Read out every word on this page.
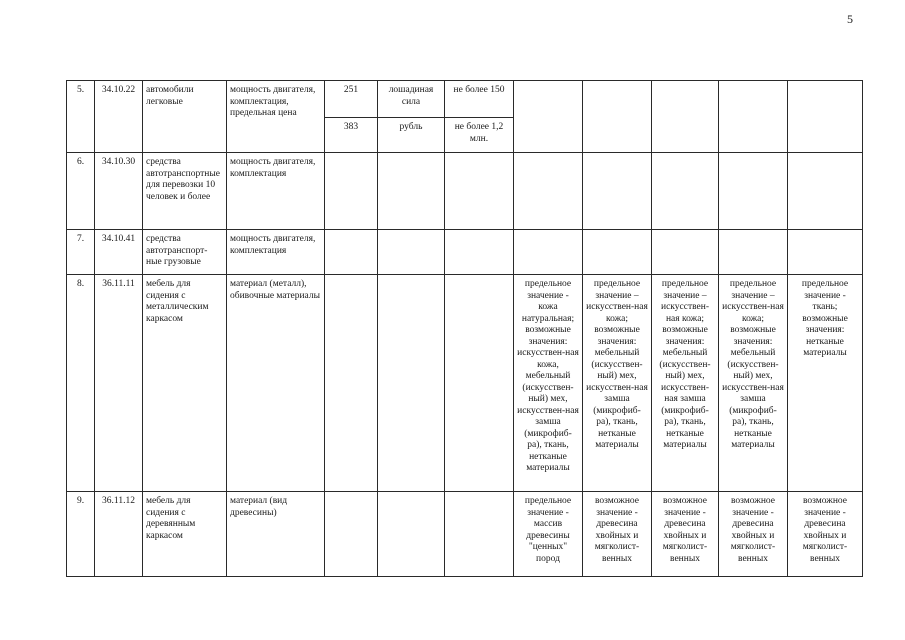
5
5.	34.10.22	автомобили легковые	мощность двигателя, комплектация, предельная цена	251	лошадиная сила	не более 150					
				383	рубль	не более 1,2 млн.					
6.	34.10.30	средства автотранспортные для перевозки 10 человек и более	мощность двигателя, комплектация								
7.	34.10.41	средства автотранспорт-ные грузовые	мощность двигателя, комплектация								
8.	36.11.11	мебель для сидения с металлическим каркасом	материал (металл), обивочные материалы				предельное значение - кожа натуральная; возможные значения: искусствен-ная кожа, мебельный (искусствен-ный) мех, искусствен-ная замша (микрофиб-ра), ткань, нетканые материалы	предельное значение – искусствен-ная кожа; возможные значения: мебельный (искусствен-ный) мех, искусствен-ная замша (микрофиб-ра), ткань, нетканые материалы	предельное значение – искусствен-ная кожа; возможные значения: мебельный (искусствен-ный) мех, искусствен-ная замша (микрофиб-ра), ткань, нетканые материалы	предельное значение – искусствен-ная кожа; возможные значения: мебельный (искусствен-ный) мех, искусствен-ная замша (микрофиб-ра), ткань, нетканые материалы	предельное значение - ткань; возможные значения: нетканые материалы
9.	36.11.12	мебель для сидения с деревянным каркасом	материал (вид древесины)				предельное значение - массив древесины "ценных" пород	возможное значение - древесина хвойных и мягколист-венных	возможное значение - древесина хвойных и мягколист-венных	возможное значение - древесина хвойных и мягколист-венных	возможное значение - древесина хвойных и мягколист-венных
